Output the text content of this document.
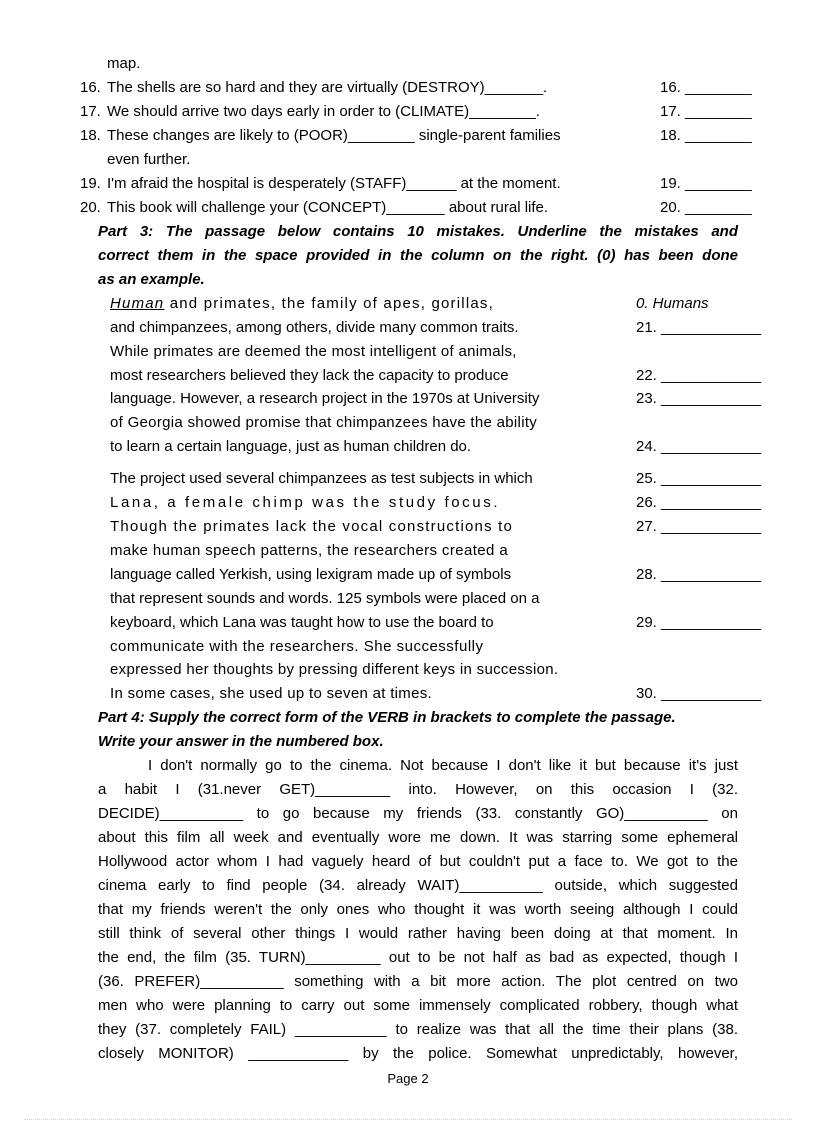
map.
16. The shells are so hard and they are virtually (DESTROY)_______.	16. ________
17. We should arrive two days early in order to (CLIMATE)________.	17. ________
18. These changes are likely to (POOR)________ single-parent families	18. ________
even further.
19. I'm afraid the hospital is desperately (STAFF)______ at the moment.	19. ________
20. This book will challenge your (CONCEPT)_______ about rural life.	20. ________
Part 3: The passage below contains 10 mistakes. Underline the mistakes and
correct them in the space provided in the column on the right. (0) has been done
as an example.
Human and primates, the family of apes, gorillas,	0. Humans
and chimpanzees, among others, divide many common traits.	21. ____________
While primates are deemed the most intelligent of animals,
most researchers believed they lack the capacity to produce	22. ____________
language. However, a research project in the 1970s at University	23. ____________
of Georgia showed promise that chimpanzees have the ability
to learn a certain language, just as human children do.	24. ____________
The project used several chimpanzees as test subjects in which	25. ____________
Lana, a female chimp was the study focus.	26. ____________
Though the primates lack the vocal constructions to	27. ____________
make human speech patterns, the researchers created a
language called Yerkish, using lexigram made up of symbols	28. ____________
that represent sounds and words. 125 symbols were placed on a
keyboard, which Lana was taught how to use the board to	29. ____________
communicate with the researchers. She successfully
expressed her thoughts by pressing different keys in succession.
In some cases, she used up to seven at times.	30. ____________
Part 4: Supply the correct form of the VERB in brackets to complete the passage.
Write your answer in the numbered box.
I don't normally go to the cinema. Not because I don't like it but because it's just
a habit I (31.never GET)_________ into. However, on this occasion I (32.
DECIDE)__________ to go because my friends (33. constantly GO)__________ on
about this film all week and eventually wore me down. It was starring some ephemeral
Hollywood actor whom I had vaguely heard of but couldn't put a face to. We got to the
cinema early to find people (34. already WAIT)__________ outside, which suggested
that my friends weren't the only ones who thought it was worth seeing although I could
still think of several other things I would rather having been doing at that moment. In
the end, the film (35. TURN)_________ out to be not half as bad as expected, though I
(36. PREFER)__________ something with a bit more action. The plot centred on two
men who were planning to carry out some immensely complicated robbery, though what
they (37. completely FAIL) ___________ to realize was that all the time their plans (38.
closely MONITOR) ____________ by the police. Somewhat unpredictably, however,
Page 2
